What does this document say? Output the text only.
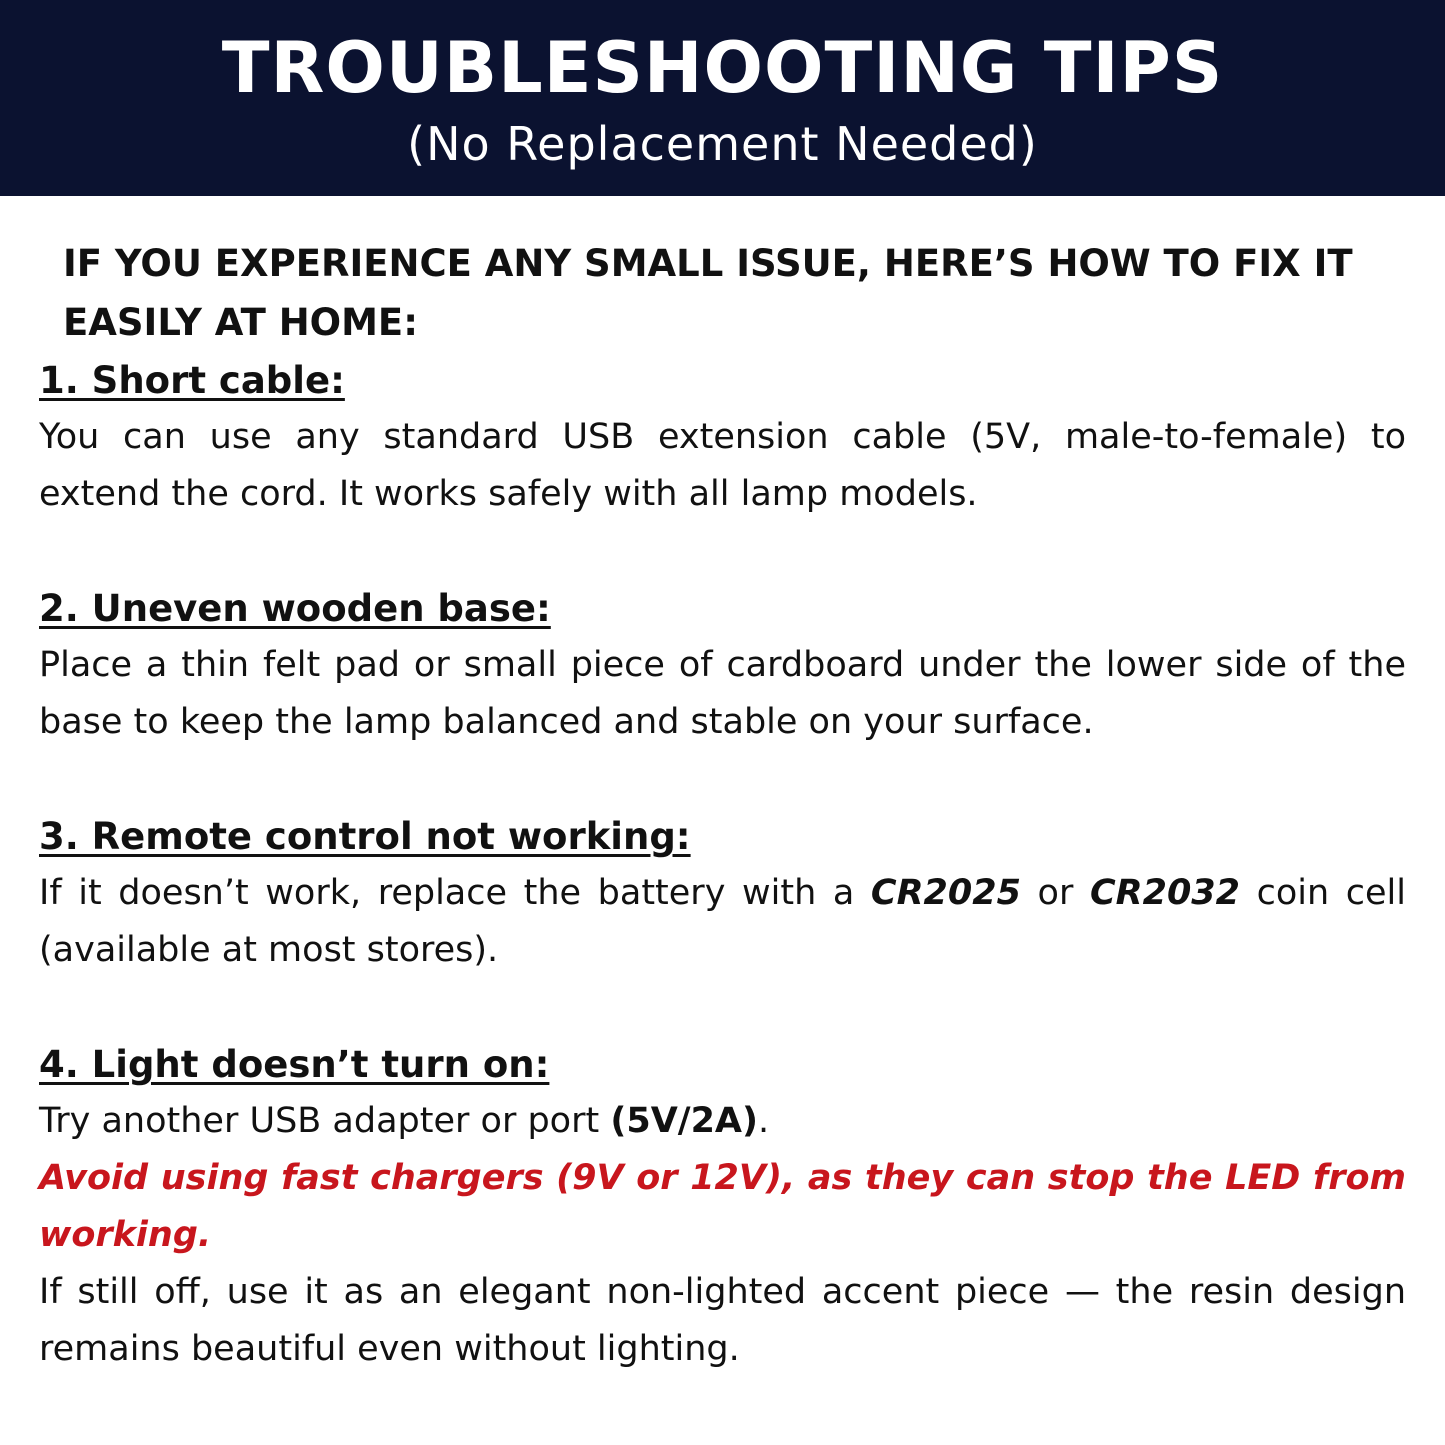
TROUBLESHOOTING TIPS
(No Replacement Needed)
IF YOU EXPERIENCE ANY SMALL ISSUE, HERE’S HOW TO FIX IT EASILY AT HOME:
1. Short cable:

You can use any standard USB extension cable (5V, male-to-female) to extend the cord. It works safely with all lamp models.

2. Uneven wooden base:

Place a thin felt pad or small piece of cardboard under the lower side of the base to keep the lamp balanced and stable on your surface.

3. Remote control not working:

If it doesn’t work, replace the battery with a CR2025 or CR2032 coin cell (available at most stores).

4. Light doesn’t turn on:

Try another USB adapter or port (5V/2A).

Avoid using fast chargers (9V or 12V), as they can stop the LED from working.

If still off, use it as an elegant non-lighted accent piece — the resin design remains beautiful even without lighting.
